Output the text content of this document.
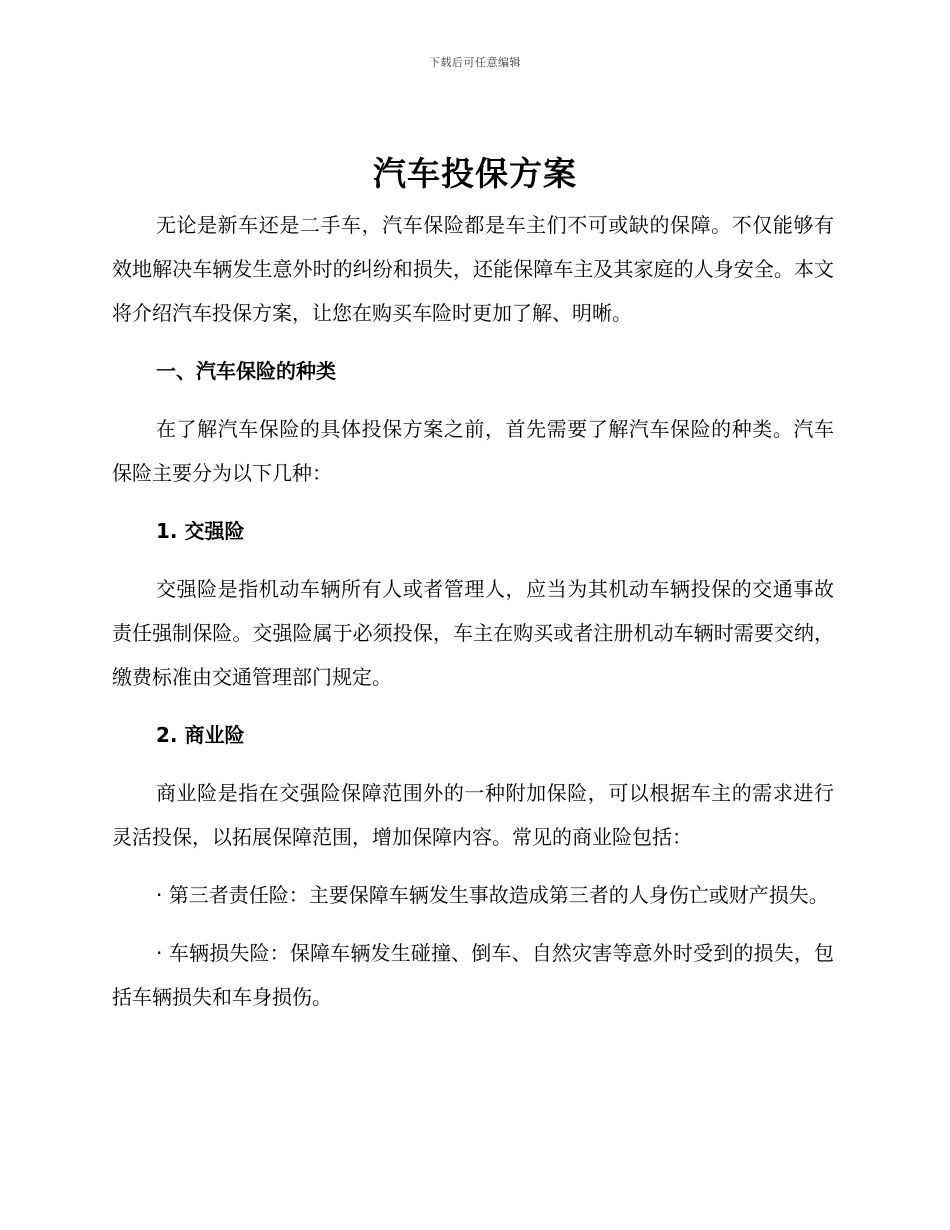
下载后可任意编辑
汽车投保方案

无论是新车还是二手车，汽车保险都是车主们不可或缺的保障。不仅能够有效地解决车辆发生意外时的纠纷和损失，还能保障车主及其家庭的人身安全。本文将介绍汽车投保方案，让您在购买车险时更加了解、明晰。

一、汽车保险的种类

在了解汽车保险的具体投保方案之前，首先需要了解汽车保险的种类。汽车保险主要分为以下几种：

1. 交强险

交强险是指机动车辆所有人或者管理人，应当为其机动车辆投保的交通事故责任强制保险。交强险属于必须投保，车主在购买或者注册机动车辆时需要交纳，缴费标准由交通管理部门规定。

2. 商业险

商业险是指在交强险保障范围外的一种附加保险，可以根据车主的需求进行灵活投保，以拓展保障范围，增加保障内容。常见的商业险包括：

· 第三者责任险：主要保障车辆发生事故造成第三者的人身伤亡或财产损失。

· 车辆损失险：保障车辆发生碰撞、倒车、自然灾害等意外时受到的损失，包括车辆损失和车身损伤。
